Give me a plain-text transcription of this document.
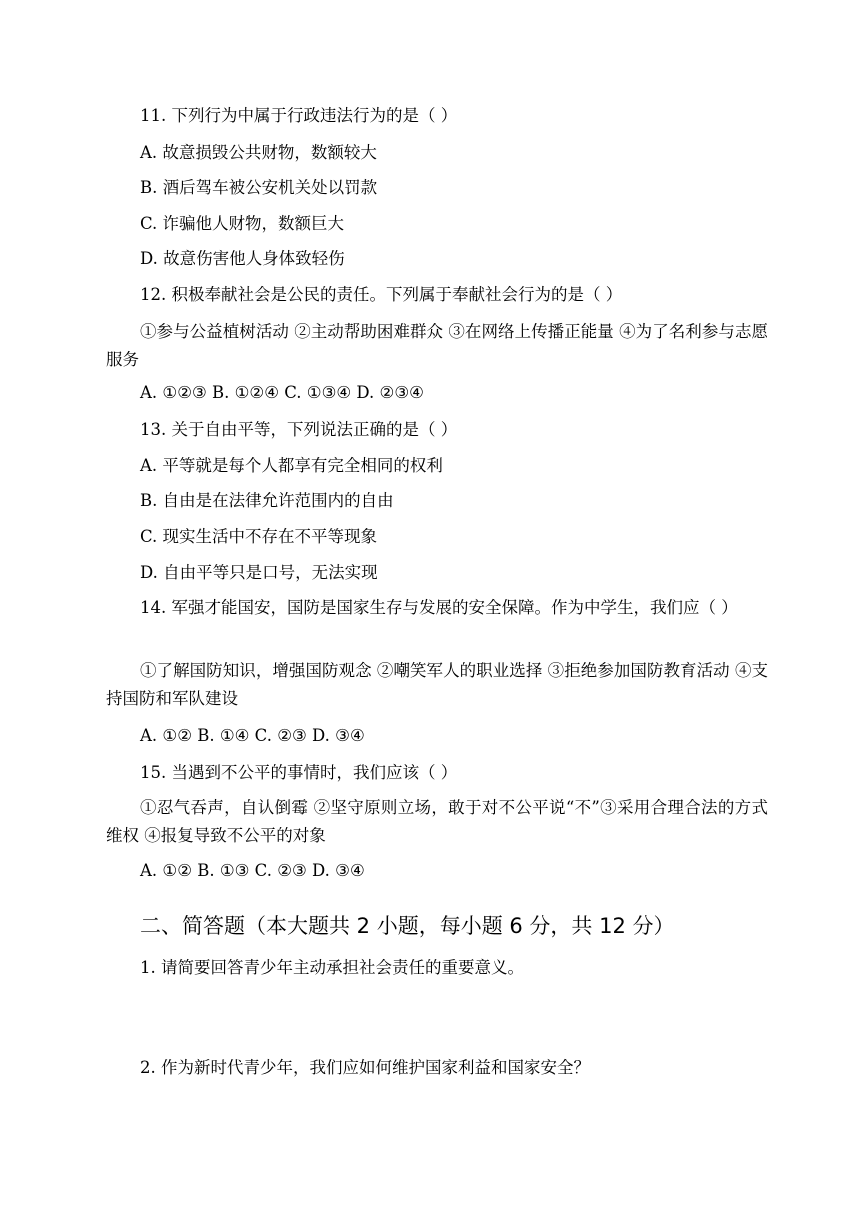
11. 下列行为中属于行政违法行为的是（ ）
A. 故意损毁公共财物，数额较大
B. 酒后驾车被公安机关处以罚款
C. 诈骗他人财物，数额巨大
D. 故意伤害他人身体致轻伤
12. 积极奉献社会是公民的责任。下列属于奉献社会行为的是（ ）
①参与公益植树活动 ②主动帮助困难群众 ③在网络上传播正能量 ④为了名利参与志愿服务
A. ①②③ B. ①②④ C. ①③④ D. ②③④
13. 关于自由平等，下列说法正确的是（ ）
A. 平等就是每个人都享有完全相同的权利
B. 自由是在法律允许范围内的自由
C. 现实生活中不存在不平等现象
D. 自由平等只是口号，无法实现
14. 军强才能国安，国防是国家生存与发展的安全保障。作为中学生，我们应（ ）
①了解国防知识，增强国防观念 ②嘲笑军人的职业选择 ③拒绝参加国防教育活动 ④支持国防和军队建设
A. ①② B. ①④ C. ②③ D. ③④
15. 当遇到不公平的事情时，我们应该（ ）
①忍气吞声，自认倒霉 ②坚守原则立场，敢于对不公平说“不”③采用合理合法的方式维权 ④报复导致不公平的对象
A. ①② B. ①③ C. ②③ D. ③④
二、简答题（本大题共 2 小题，每小题 6 分，共 12 分）
1. 请简要回答青少年主动承担社会责任的重要意义。
2. 作为新时代青少年，我们应如何维护国家利益和国家安全？
